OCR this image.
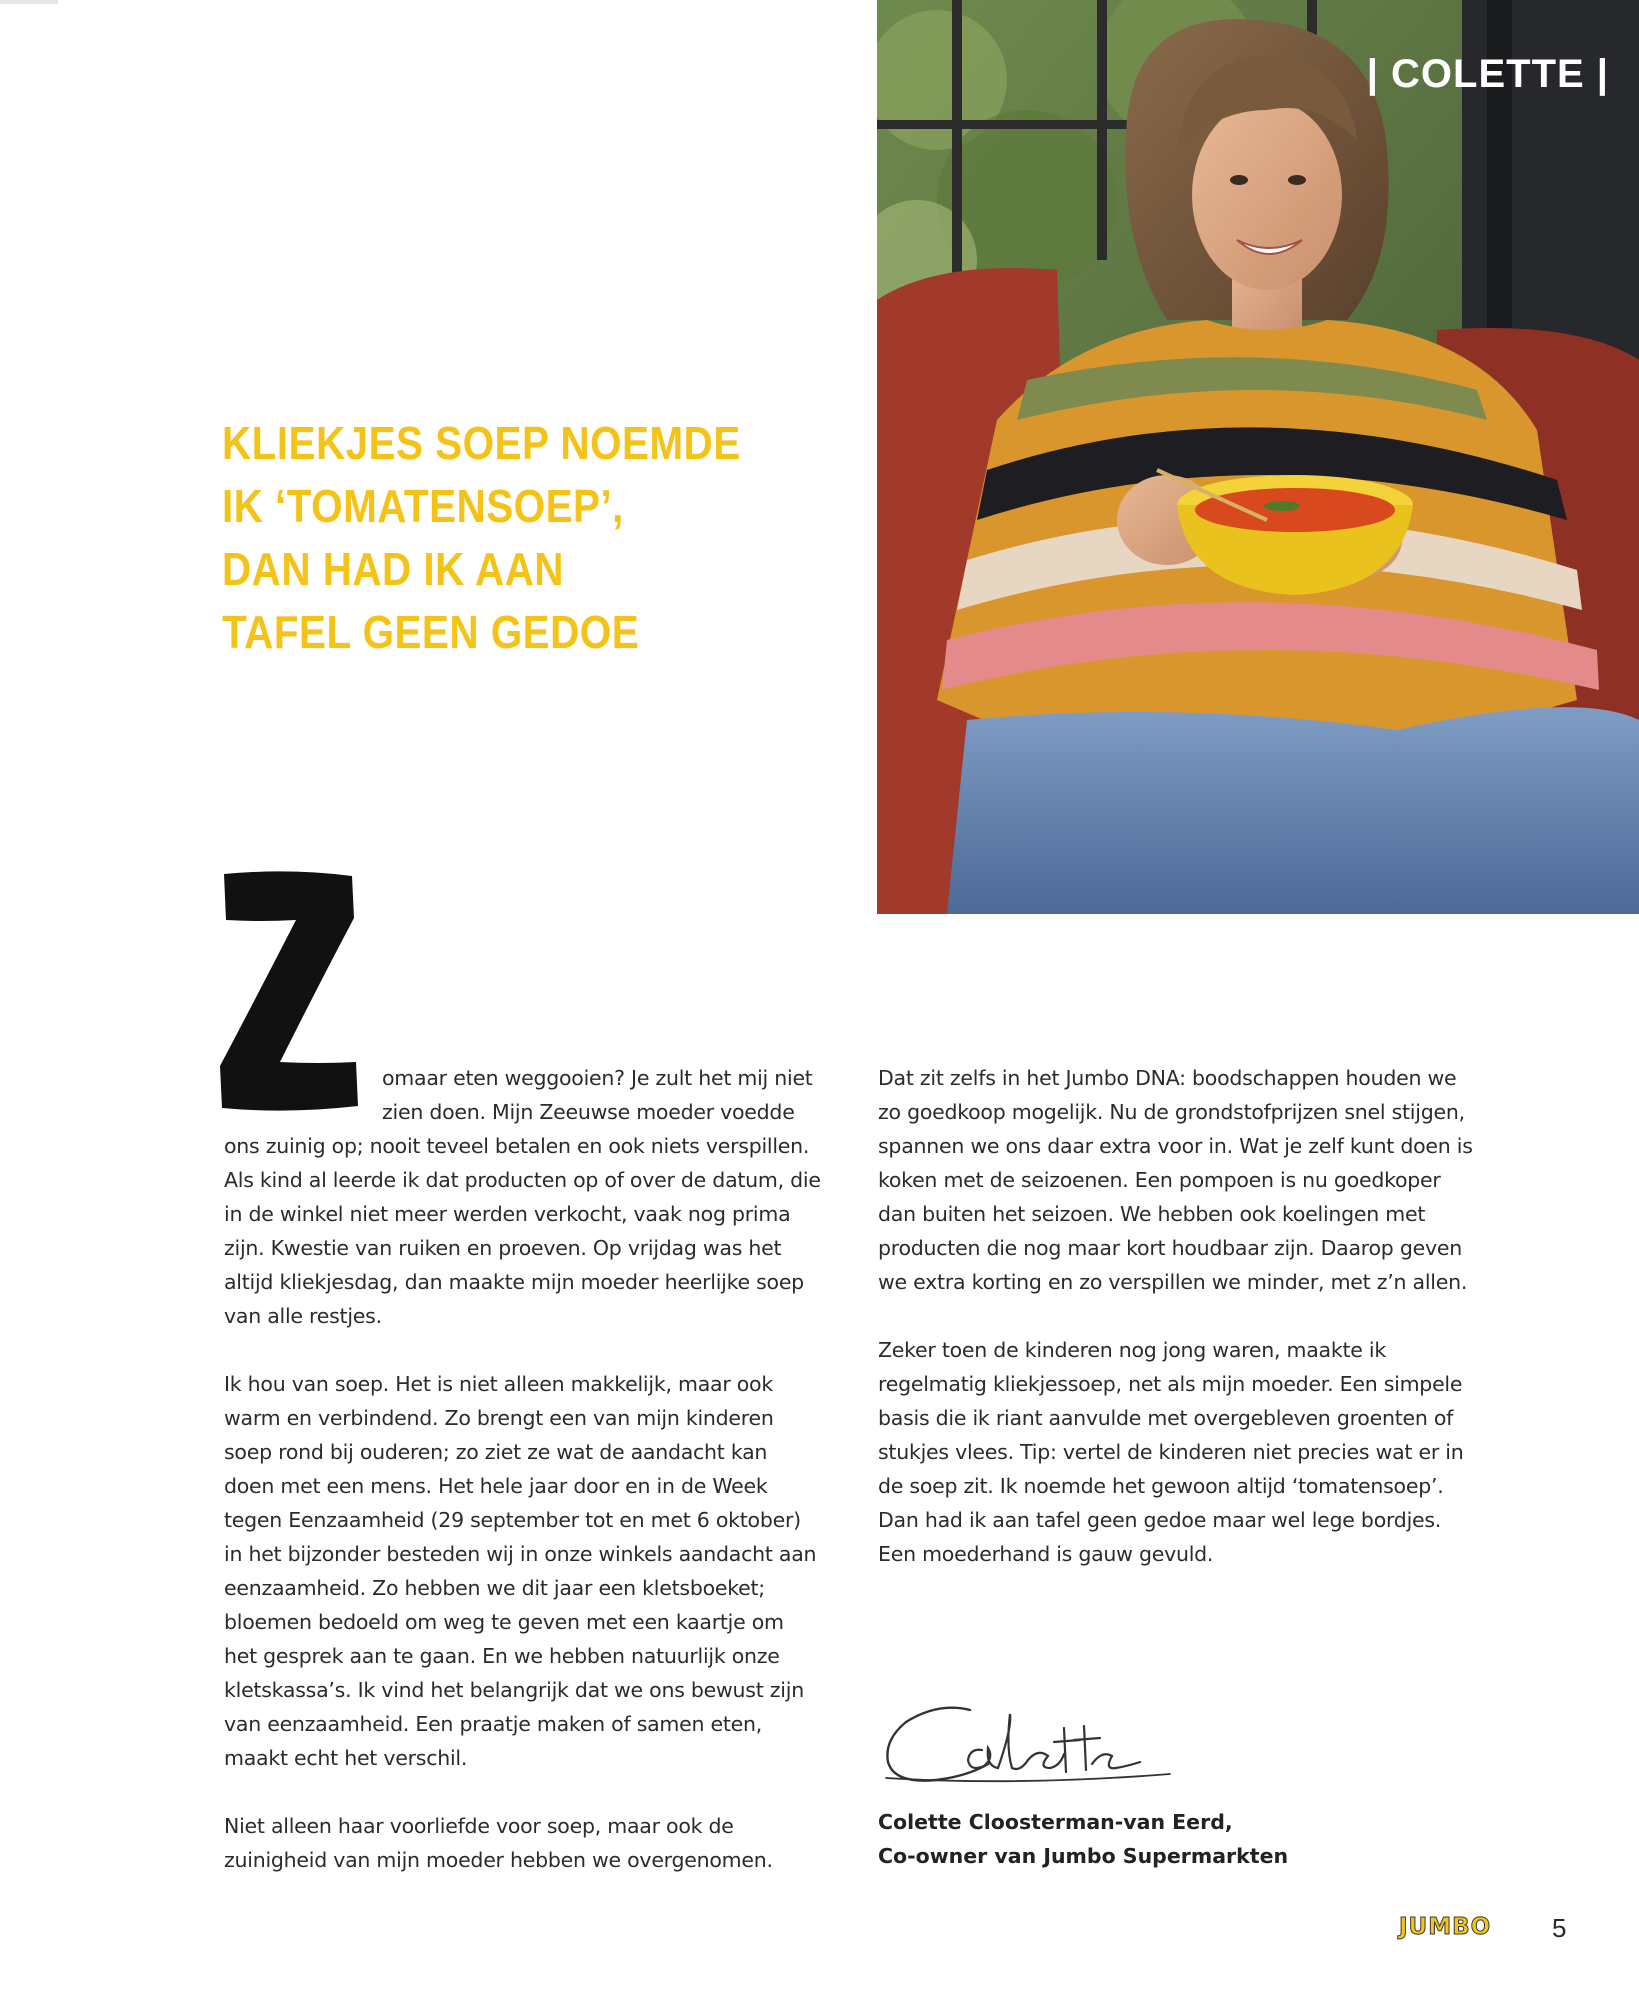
| COLETTE |
KLIEKJES SOEP NOEMDE
IK ‘TOMATENSOEP’,
DAN HAD IK AAN
TAFEL GEEN GEDOE

omaar eten weggooien? Je zult het mij niet
zien doen. Mijn Zeeuwse moeder voedde
ons zuinig op; nooit teveel betalen en ook niets verspillen.
Als kind al leerde ik dat producten op of over de datum, die
in de winkel niet meer werden verkocht, vaak nog prima
zijn. Kwestie van ruiken en proeven. Op vrijdag was het
altijd kliekjesdag, dan maakte mijn moeder heerlijke soep
van alle restjes.

Ik hou van soep. Het is niet alleen makkelijk, maar ook
warm en verbindend. Zo brengt een van mijn kinderen
soep rond bij ouderen; zo ziet ze wat de aandacht kan
doen met een mens. Het hele jaar door en in de Week
tegen Eenzaamheid (29 september tot en met 6 oktober)
in het bijzonder besteden wij in onze winkels aandacht aan
eenzaamheid. Zo hebben we dit jaar een kletsboeket;
bloemen bedoeld om weg te geven met een kaartje om
het gesprek aan te gaan. En we hebben natuurlijk onze
kletskassa’s. Ik vind het belangrijk dat we ons bewust zijn
van eenzaamheid. Een praatje maken of samen eten,
maakt echt het verschil.

Niet alleen haar voorliefde voor soep, maar ook de
zuinigheid van mijn moeder hebben we overgenomen.

Dat zit zelfs in het Jumbo DNA: boodschappen houden we
zo goedkoop mogelijk. Nu de grondstofprijzen snel stijgen,
spannen we ons daar extra voor in. Wat je zelf kunt doen is
koken met de seizoenen. Een pompoen is nu goedkoper
dan buiten het seizoen. We hebben ook koelingen met
producten die nog maar kort houdbaar zijn. Daarop geven
we extra korting en zo verspillen we minder, met z’n allen.

Zeker toen de kinderen nog jong waren, maakte ik
regelmatig kliekjessoep, net als mijn moeder. Een simpele
basis die ik riant aanvulde met overgebleven groenten of
stukjes vlees. Tip: vertel de kinderen niet precies wat er in
de soep zit. Ik noemde het gewoon altijd ‘tomatensoep’.
Dan had ik aan tafel geen gedoe maar wel lege bordjes.
Een moederhand is gauw gevuld.

Colette Cloosterman-van Eerd,
Co-owner van Jumbo Supermarkten
JUMBO 5
